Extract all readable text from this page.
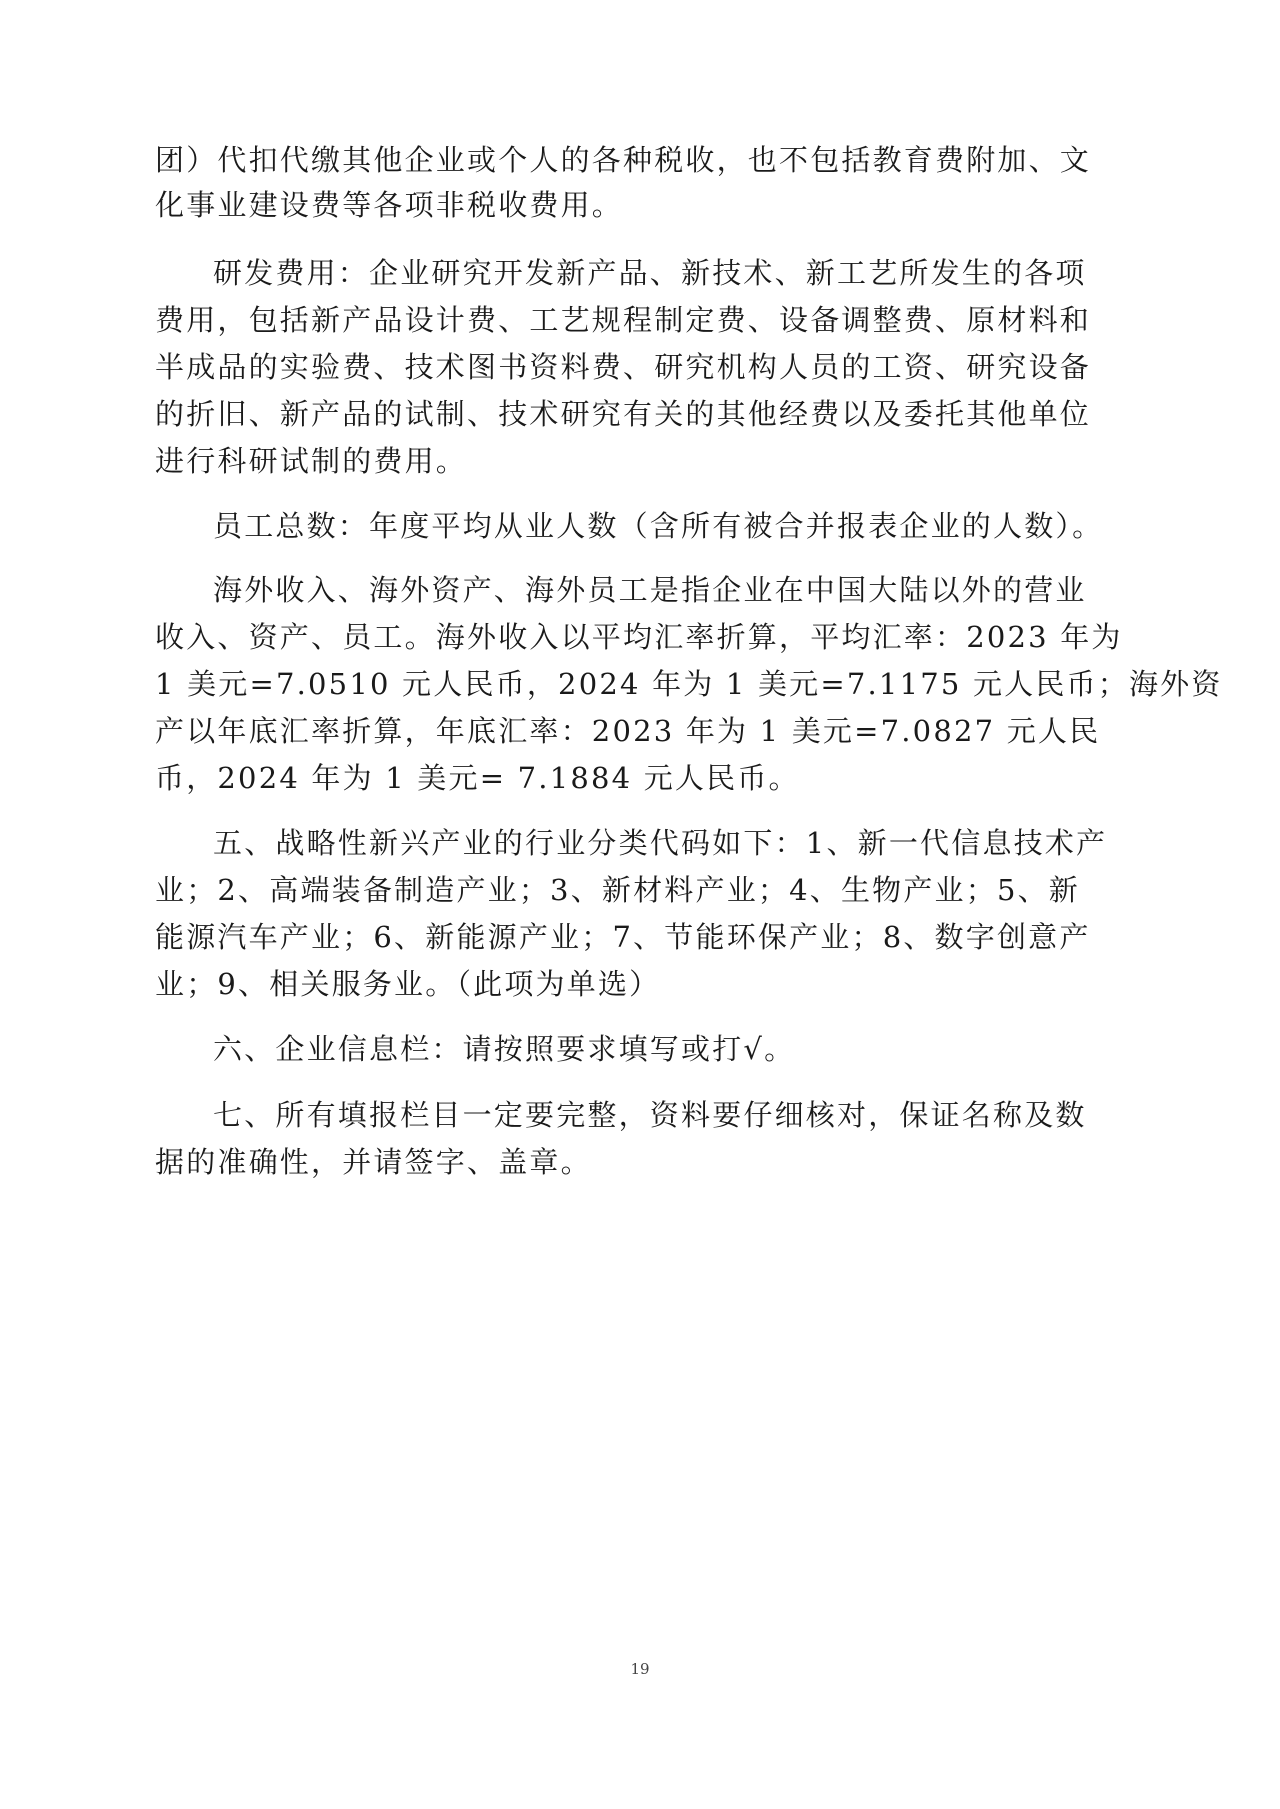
团）代扣代缴其他企业或个人的各种税收，也不包括教育费附加、文
化事业建设费等各项非税收费用。
研发费用：企业研究开发新产品、新技术、新工艺所发生的各项
费用，包括新产品设计费、工艺规程制定费、设备调整费、原材料和
半成品的实验费、技术图书资料费、研究机构人员的工资、研究设备
的折旧、新产品的试制、技术研究有关的其他经费以及委托其他单位
进行科研试制的费用。
员工总数：年度平均从业人数（含所有被合并报表企业的人数）。
海外收入、海外资产、海外员工是指企业在中国大陆以外的营业
收入、资产、员工。海外收入以平均汇率折算，平均汇率：2023 年为
1 美元=7.0510 元人民币，2024 年为 1 美元=7.1175 元人民币；海外资
产以年底汇率折算，年底汇率：2023 年为 1 美元=7.0827 元人民
币，2024 年为 1 美元= 7.1884 元人民币。
五、战略性新兴产业的行业分类代码如下：1、新一代信息技术产
业；2、高端装备制造产业；3、新材料产业；4、生物产业；5、新
能源汽车产业；6、新能源产业；7、节能环保产业；8、数字创意产
业；9、相关服务业。（此项为单选）
六、企业信息栏：请按照要求填写或打√。
七、所有填报栏目一定要完整，资料要仔细核对，保证名称及数
据的准确性，并请签字、盖章。
19
